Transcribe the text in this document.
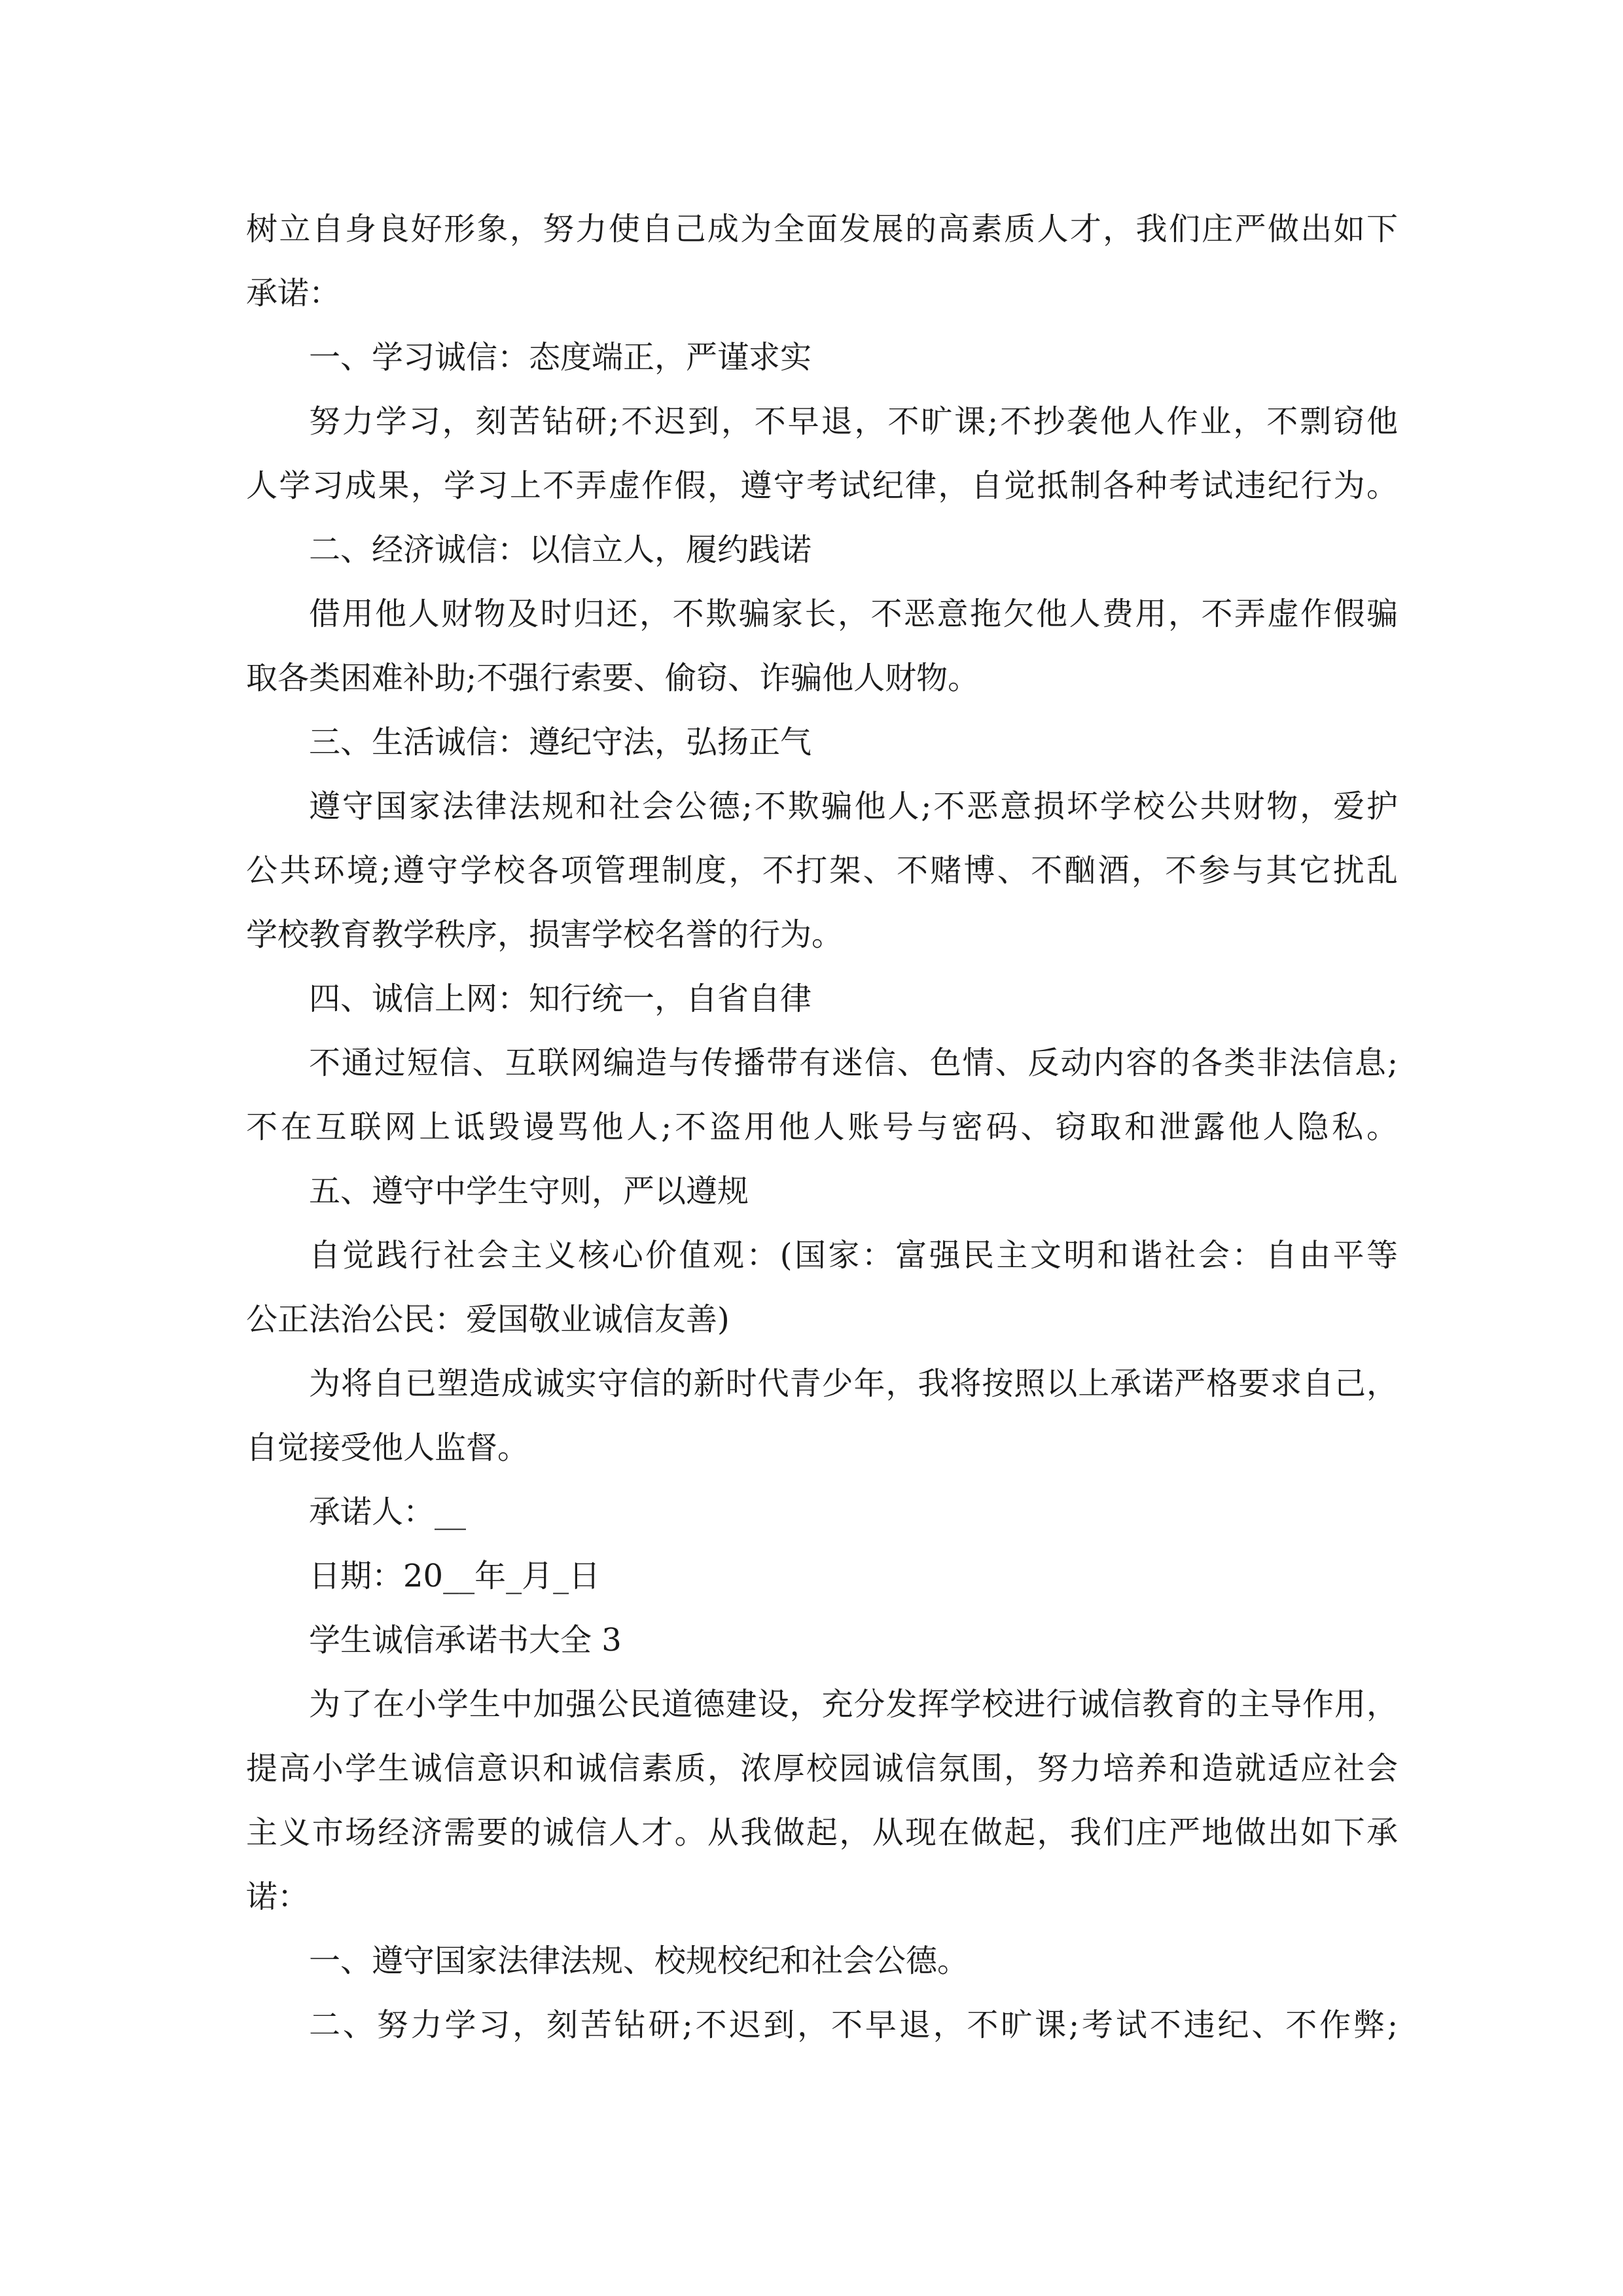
树立自身良好形象，努力使自己成为全面发展的高素质人才，我们庄严做出如下

承诺：

一、学习诚信：态度端正，严谨求实

努力学习，刻苦钻研;不迟到，不早退，不旷课;不抄袭他人作业，不剽窃他

人学习成果，学习上不弄虚作假，遵守考试纪律，自觉抵制各种考试违纪行为。

二、经济诚信：以信立人，履约践诺

借用他人财物及时归还，不欺骗家长，不恶意拖欠他人费用，不弄虚作假骗

取各类困难补助;不强行索要、偷窃、诈骗他人财物。

三、生活诚信：遵纪守法，弘扬正气

遵守国家法律法规和社会公德;不欺骗他人;不恶意损坏学校公共财物，爱护

公共环境;遵守学校各项管理制度，不打架、不赌博、不酗酒，不参与其它扰乱

学校教育教学秩序，损害学校名誉的行为。

四、诚信上网：知行统一，自省自律

不通过短信、互联网编造与传播带有迷信、色情、反动内容的各类非法信息;

不在互联网上诋毁谩骂他人;不盗用他人账号与密码、窃取和泄露他人隐私。

五、遵守中学生守则，严以遵规

自觉践行社会主义核心价值观：(国家：富强民主文明和谐社会：自由平等

公正法治公民：爱国敬业诚信友善)

为将自已塑造成诚实守信的新时代青少年，我将按照以上承诺严格要求自己，

自觉接受他人监督。

承诺人：__

日期：20__年_月_日

学生诚信承诺书大全 3

为了在小学生中加强公民道德建设，充分发挥学校进行诚信教育的主导作用，

提高小学生诚信意识和诚信素质，浓厚校园诚信氛围，努力培养和造就适应社会

主义市场经济需要的诚信人才。从我做起，从现在做起，我们庄严地做出如下承

诺：

一、遵守国家法律法规、校规校纪和社会公德。

二、努力学习，刻苦钻研;不迟到，不早退，不旷课;考试不违纪、不作弊;
